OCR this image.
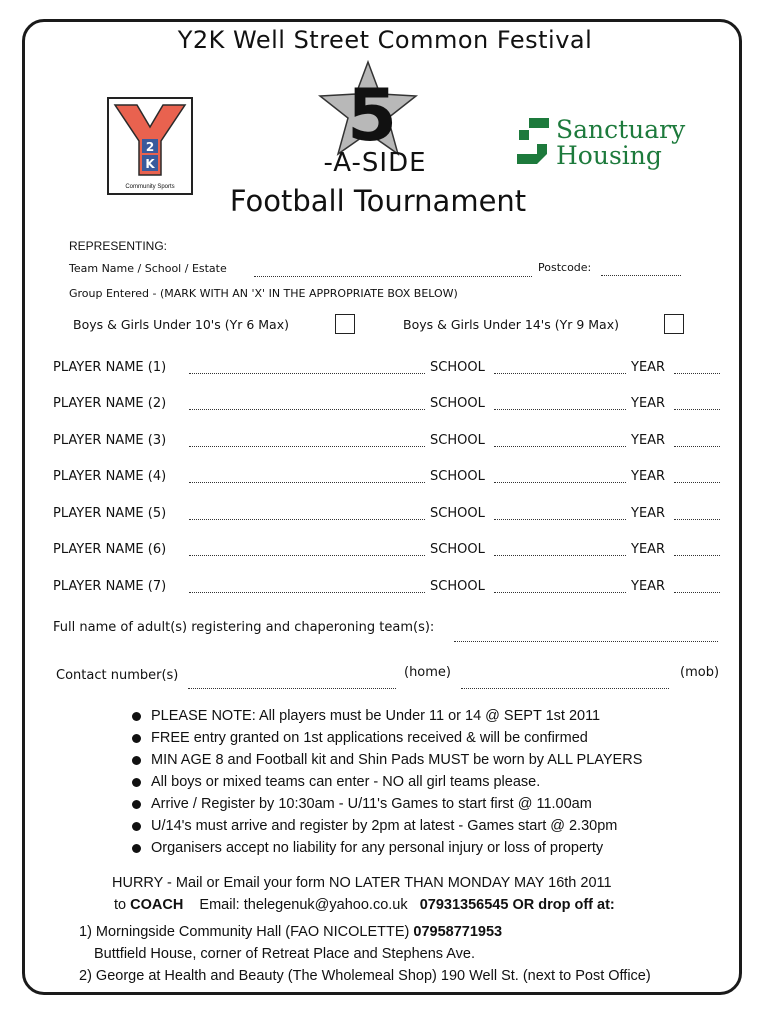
Y2K Well Street Common Festival
2
K
Community Sports
5
-A-SIDE
Football Tournament
Sanctuary
Housing
REPRESENTING:
Team Name / School / Estate	Postcode:
Group Entered - (MARK WITH AN 'X' IN THE APPROPRIATE BOX BELOW)
Boys & Girls Under 10's (Yr 6 Max)	Boys & Girls Under 14's (Yr 9 Max)
PLAYER NAME (1)	SCHOOL	YEAR
PLAYER NAME (2)	SCHOOL	YEAR
PLAYER NAME (3)	SCHOOL	YEAR
PLAYER NAME (4)	SCHOOL	YEAR
PLAYER NAME (5)	SCHOOL	YEAR
PLAYER NAME (6)	SCHOOL	YEAR
PLAYER NAME (7)	SCHOOL	YEAR
Full name of adult(s) registering and chaperoning team(s):
Contact number(s)	(home)	(mob)
PLEASE NOTE: All players must be Under 11 or 14 @ SEPT 1st 2011
FREE entry granted on 1st applications received & will be confirmed
MIN AGE 8 and Football kit and Shin Pads MUST be worn by ALL PLAYERS
All boys or mixed teams can enter - NO all girl teams please.
Arrive / Register by 10:30am - U/11's Games to start first @ 11.00am
U/14's must arrive and register by 2pm at latest - Games start @ 2.30pm
Organisers accept no liability for any personal injury or loss of property
HURRY - Mail or Email your form NO LATER THAN MONDAY MAY 16th 2011
to COACH Email: thelegenuk@yahoo.co.uk 07931356545 OR drop off at:
1) Morningside Community Hall (FAO NICOLETTE) 07958771953
Buttfield House, corner of Retreat Place and Stephens Ave.
2) George at Health and Beauty (The Wholemeal Shop) 190 Well St. (next to Post Office)
